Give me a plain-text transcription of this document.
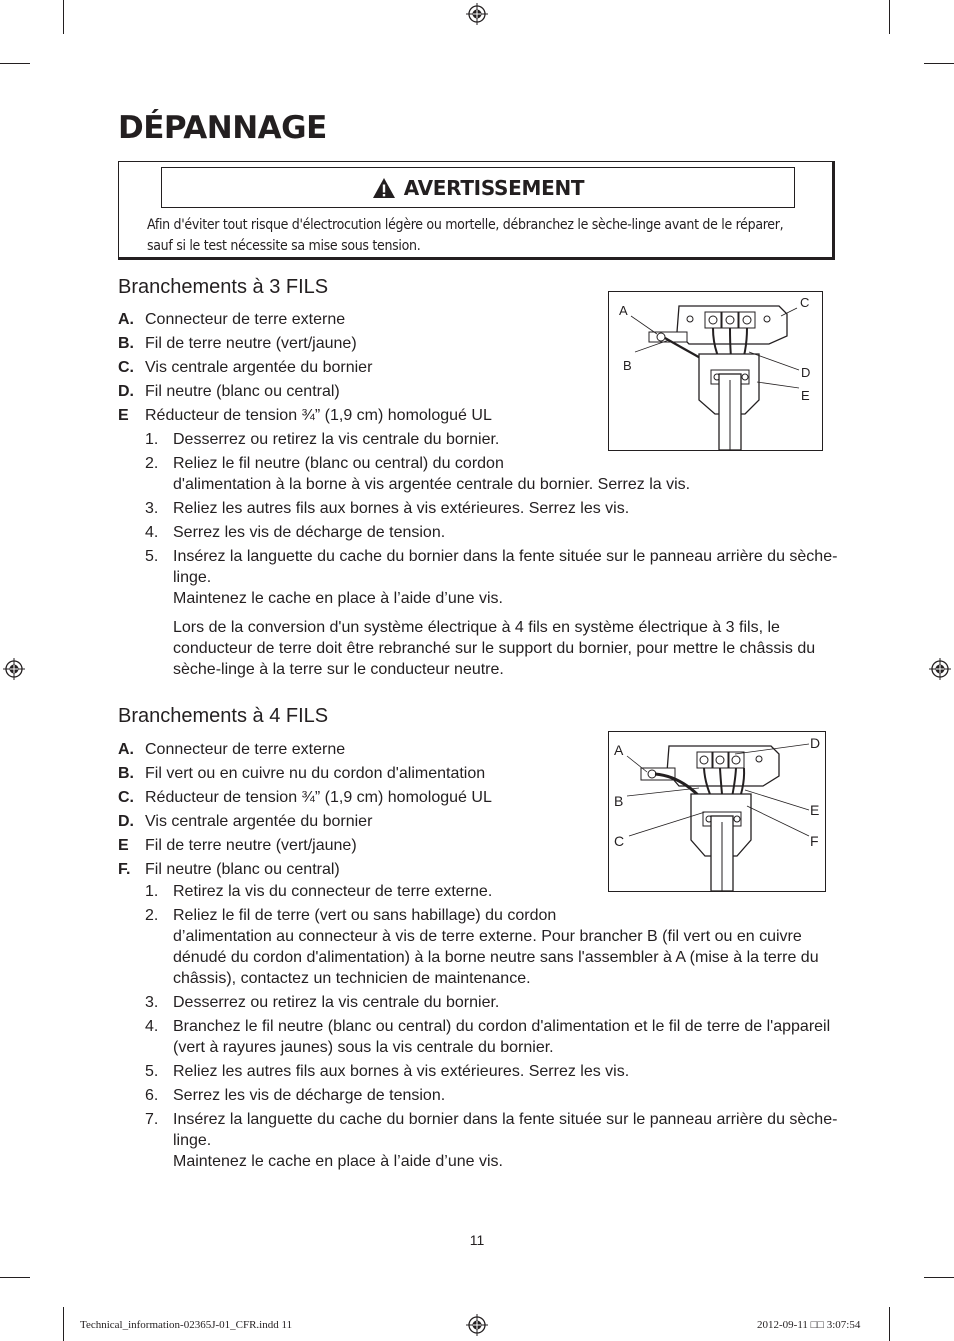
DÉPANNAGE
AVERTISSEMENT
Afin d'éviter tout risque d'électrocution légère ou mortelle, débranchez le sèche-linge avant de le réparer, sauf si le test nécessite sa mise sous tension.
Branchements à 3 FILS
A. Connecteur de terre externe
B. Fil de terre neutre (vert/jaune)
C. Vis centrale argentée du bornier
D. Fil neutre (blanc ou central)
E Réducteur de tension ¾” (1,9 cm) homologué UL
1. Desserrez ou retirez la vis centrale du bornier.
2. Reliez le fil neutre (blanc ou central) du cordon
d'alimentation à la borne à vis argentée centrale du bornier. Serrez la vis.
3. Reliez les autres fils aux bornes à vis extérieures. Serrez les vis.
4. Serrez les vis de décharge de tension.
5. Insérez la languette du cache du bornier dans la fente située sur le panneau arrière du sèche-linge.
Maintenez le cache en place à l’aide d’une vis.
Lors de la conversion d'un système électrique à 4 fils en système électrique à 3 fils, le conducteur de terre doit être rebranché sur le support du bornier, pour mettre le châssis du sèche-linge à la terre sur le conducteur neutre.
A
B
C
D
E
Branchements à 4 FILS
A. Connecteur de terre externe
B. Fil vert ou en cuivre nu du cordon d'alimentation
C. Réducteur de tension ¾” (1,9 cm) homologué UL
D. Vis centrale argentée du bornier
E Fil de terre neutre (vert/jaune)
F. Fil neutre (blanc ou central)
1. Retirez la vis du connecteur de terre externe.
2. Reliez le fil de terre (vert ou sans habillage) du cordon
d’alimentation au connecteur à vis de terre externe. Pour brancher B (fil vert ou en cuivre dénudé du cordon d'alimentation) à la borne neutre sans l'assembler à A (mise à la terre du châssis), contactez un technicien de maintenance.
3. Desserrez ou retirez la vis centrale du bornier.
4. Branchez le fil neutre (blanc ou central) du cordon d'alimentation et le fil de terre de l'appareil (vert à rayures jaunes) sous la vis centrale du bornier.
5. Reliez les autres fils aux bornes à vis extérieures. Serrez les vis.
6. Serrez les vis de décharge de tension.
7. Insérez la languette du cache du bornier dans la fente située sur le panneau arrière du sèche-linge.
Maintenez le cache en place à l’aide d’une vis.
A
B
C
D
E
F
11
Technical_information-02365J-01_CFR.indd 11	2012-09-11 □□ 3:07:54
